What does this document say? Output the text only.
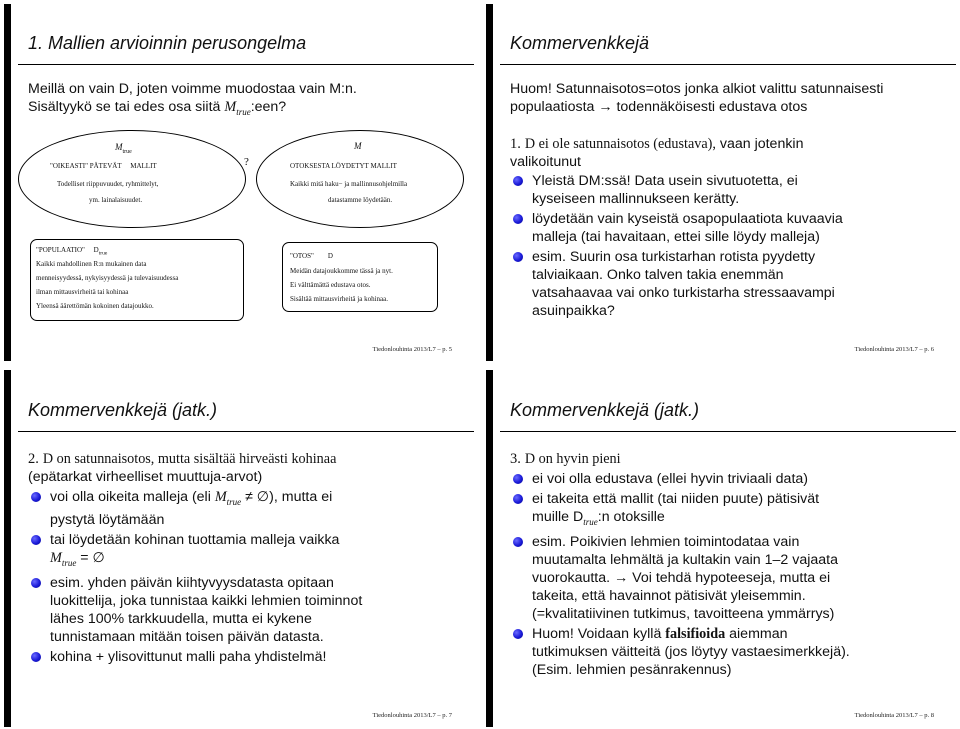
1. Mallien arvioinnin perusongelma
Meillä on vain D, joten voimme muodostaa vain M:n.
Sisältyykö se tai edes osa siitä $M_{true}:een$?
$M_{true}$
"OIKEASTI" PÄTEVÄT     MALLIT
Todelliset riippuvuudet, ryhmittelyt,
ym. lainalaisuudet.
?
M
OTOKSESTA LÖYDETYT MALLIT
Kaikki mitä haku− ja mallinnusohjelmilla
datastamme löydetään.
"POPULAATIO"     $D_{true}$
Kaikki mahdollinen R:n mukainen data
menneisyydessä, nykyisyydessä ja tulevaisuudessa
ilman mittausvirheitä tai kohinaa
Yleensä äärettömän kokoinen datajoukko.
"OTOS"        D
Meidän datajoukkomme tässä ja nyt.
Ei välttämättä edustava otos.
Sisältää mittausvirheitä ja kohinaa.
Tiedonlouhinta 2013/L7 – p. 5
Kommervenkkejä
Huom! Satunnaisotos=otos jonka alkiot valittu satunnaisesti
populaatiosta → todennäköisesti edustava otos
1. D ei ole satunnaisotos (edustava), vaan jotenkin
valikoitunut
Yleistä DM:ssä! Data usein sivutuotetta, ei
kyseiseen mallinnukseen kerätty.
löydetään vain kyseistä osapopulaatiota kuvaavia
malleja (tai havaitaan, ettei sille löydy malleja)
esim. Suurin osa turkistarhan rotista pyydetty
talviaikaan. Onko talven takia enemmän
vatsahaavaa vai onko turkistarha stressaavampi
asuinpaikka?
Tiedonlouhinta 2013/L7 – p. 6
Kommervenkkejä (jatk.)
2. D on satunnaisotos, mutta sisältää hirveästi kohinaa
(epätarkat virheelliset muuttuja-arvot)
voi olla oikeita malleja (eli $M_{true}$ ≠ ∅), mutta ei
pystytä löytämään
tai löydetään kohinan tuottamia malleja vaikka
$M_{true}$ = ∅
esim. yhden päivän kiihtyvyysdatasta opitaan
luokittelija, joka tunnistaa kaikki lehmien toiminnot
lähes 100% tarkkuudella, mutta ei kykene
tunnistamaan mitään toisen päivän datasta.
kohina + ylisovittunut malli paha yhdistelmä!
Tiedonlouhinta 2013/L7 – p. 7
Kommervenkkejä (jatk.)
3. D on hyvin pieni
ei voi olla edustava (ellei hyvin triviaali data)
ei takeita että mallit (tai niiden puute) pätisivät
muille $D_{true}:n$ otoksille
esim. Poikivien lehmien toimintodataa vain
muutamalta lehmältä ja kultakin vain 1–2 vajaata
vuorokautta. → Voi tehdä hypoteeseja, mutta ei
takeita, että havainnot pätisivät yleisemmin.
(=kvalitatiivinen tutkimus, tavoitteena ymmärrys)
Huom! Voidaan kyllä falsifioida aiemman
tutkimuksen väitteitä (jos löytyy vastaesimerkkejä).
(Esim. lehmien pesänrakennus)
Tiedonlouhinta 2013/L7 – p. 8
